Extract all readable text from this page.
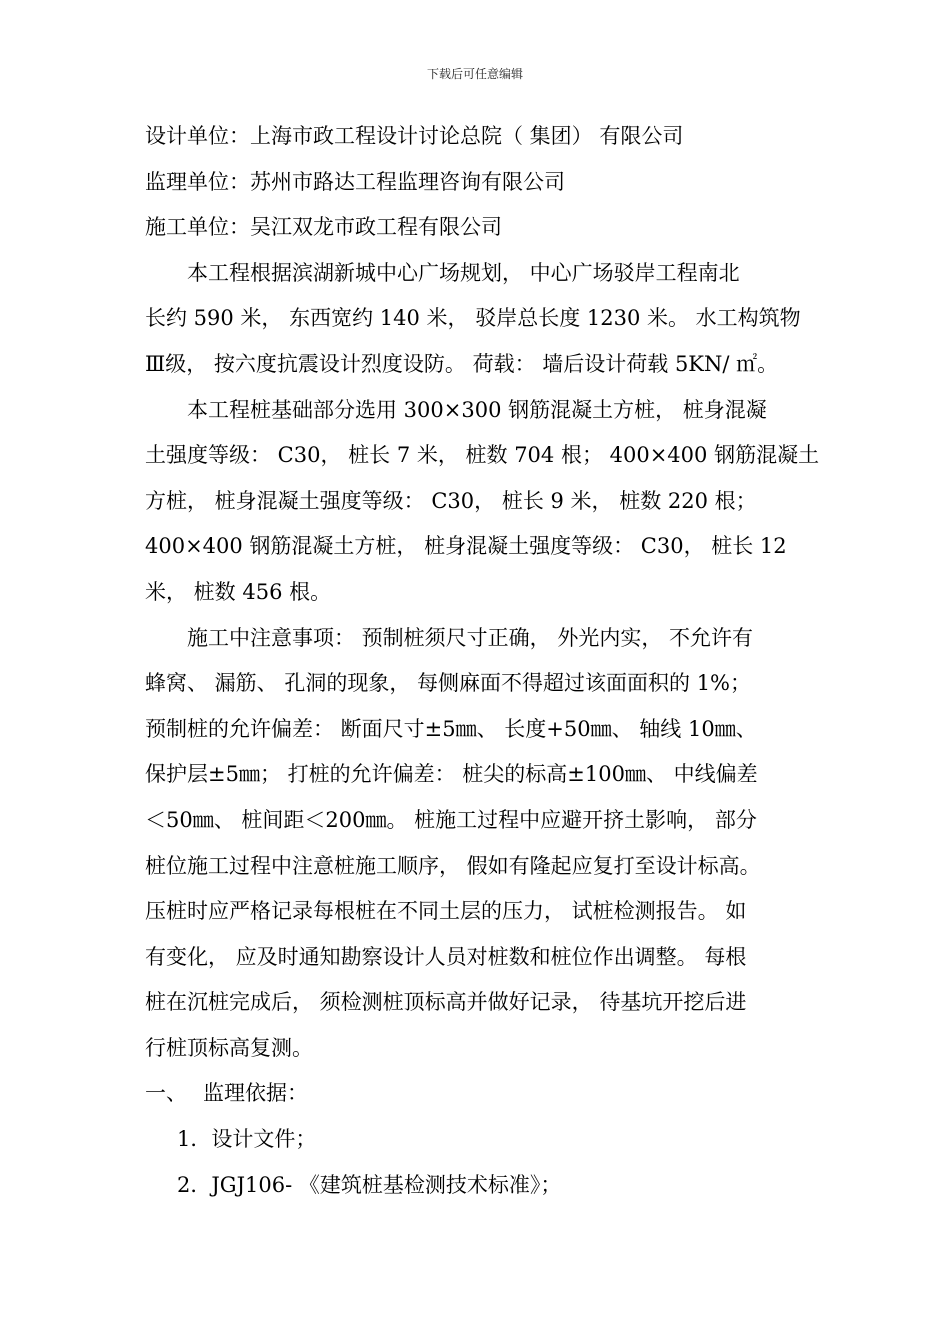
下载后可任意编辑
设计单位：上海市政工程设计讨论总院（ 集团） 有限公司
监理单位：苏州市路达工程监理咨询有限公司
施工单位：吴江双龙市政工程有限公司
本工程根据滨湖新城中心广场规划， 中心广场驳岸工程南北
长约 590 米， 东西宽约 140 米， 驳岸总长度 1230 米。 水工构筑物
Ⅲ级， 按六度抗震设计烈度设防。 荷载： 墙后设计荷载 5KN/ ㎡。
本工程桩基础部分选用 300×300 钢筋混凝土方桩， 桩身混凝
土强度等级： C30， 桩长 7 米， 桩数 704 根； 400×400 钢筋混凝土
方桩， 桩身混凝土强度等级： C30， 桩长 9 米， 桩数 220 根；
400×400 钢筋混凝土方桩， 桩身混凝土强度等级： C30， 桩长 12
米， 桩数 456 根。
施工中注意事项： 预制桩须尺寸正确， 外光内实， 不允许有
蜂窝、 漏筋、 孔洞的现象， 每侧麻面不得超过该面面积的 1%；
预制桩的允许偏差： 断面尺寸±5㎜、 长度+50㎜、 轴线 10㎜、
保护层±5㎜； 打桩的允许偏差： 桩尖的标高±100㎜、 中线偏差
＜50㎜、 桩间距＜200㎜。 桩施工过程中应避开挤土影响， 部分
桩位施工过程中注意桩施工顺序， 假如有隆起应复打至设计标高。
压桩时应严格记录每根桩在不同土层的压力， 试桩检测报告。 如
有变化， 应及时通知勘察设计人员对桩数和桩位作出调整。 每根
桩在沉桩完成后， 须检测桩顶标高并做好记录， 待基坑开挖后进
行桩顶标高复测。
一、 监理依据：
1．设计文件；
2．JGJ106- 《建筑桩基检测技术标准》；
